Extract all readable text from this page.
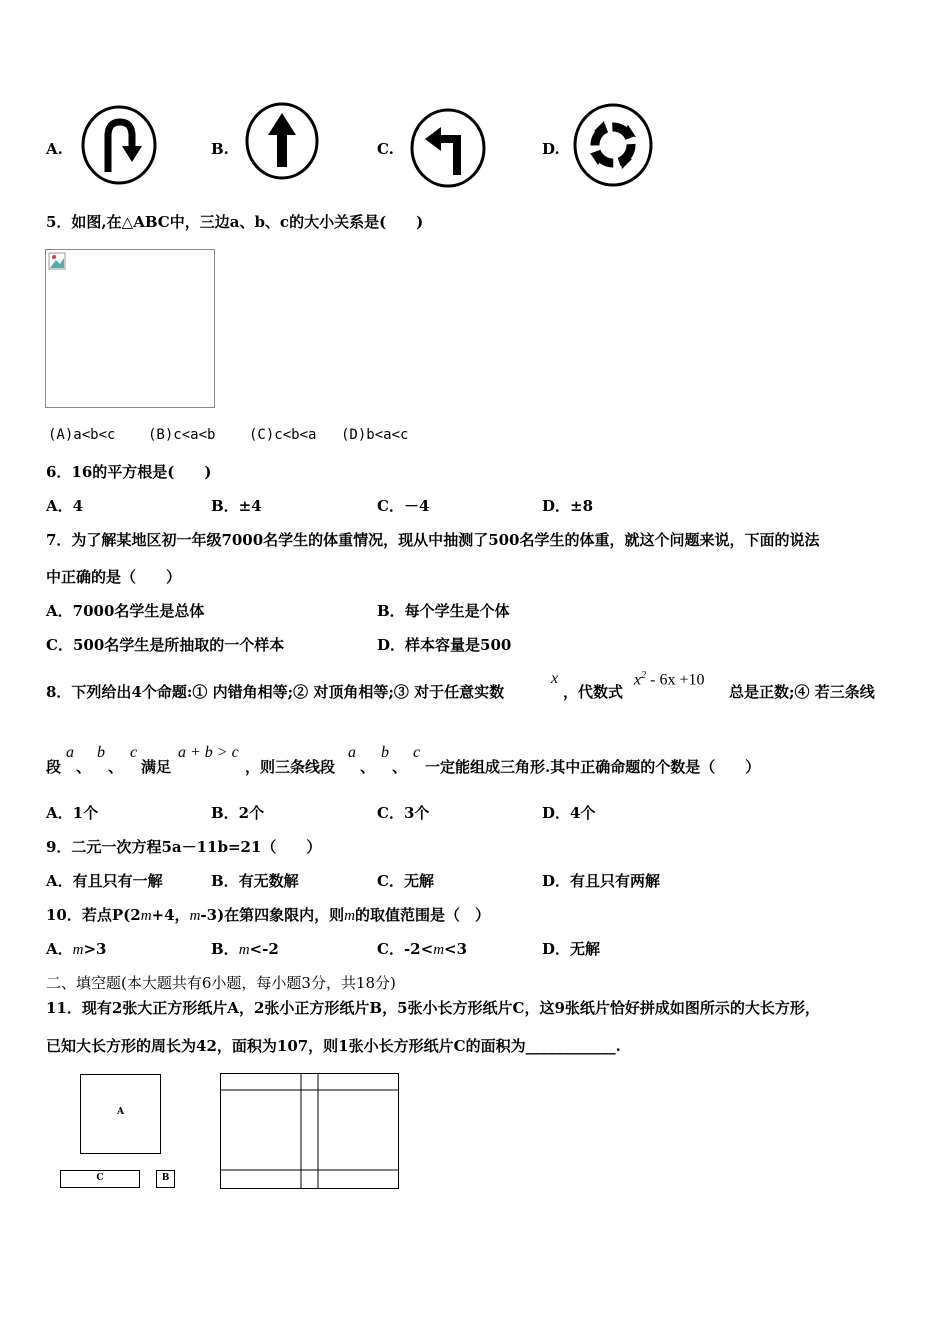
A.	B.	C.	D.
5．如图,在△ABC中，三边a、b、c的大小关系是(　　)
(A)a<b<c (B)c<a<b (C)c<b<a (D)b<a<c
6．16的平方根是(　　)
A．4	B．±4	C．－4	D．±8
7．为了解某地区初一年级7000名学生的体重情况，现从中抽测了500名学生的体重，就这个问题来说，下面的说法
中正确的是（　　）
A．7000名学生是总体	B．每个学生是个体
C．500名学生是所抽取的一个样本	D．样本容量是500
8．下列给出4个命题:① 内错角相等;② 对顶角相等;③ 对于任意实数
x
，代数式
$x^2 - 6x +10$
总是正数;④ 若三条线
段
a
、
b
、
c
满足
a + b > c
，则三条线段
a
、
b
、
c
一定能组成三角形.其中正确命题的个数是（　　）
A．1个	B．2个	C．3个	D．4个
9．二元一次方程5a－11b=21（　　）
A．有且只有一解	B．有无数解	C．无解	D．有且只有两解
10．若点P(2m+4，m-3)在第四象限内，则m的取值范围是（　）
A．m>3	B．m<-2	C．-2<m<3	D．无解
二、填空题(本大题共有6小题，每小题3分，共18分)
11．现有2张大正方形纸片A，2张小正方形纸片B，5张小长方形纸片C，这9张纸片恰好拼成如图所示的大长方形，
已知大长方形的周长为42，面积为107，则1张小长方形纸片C的面积为____________.
A
C	B
